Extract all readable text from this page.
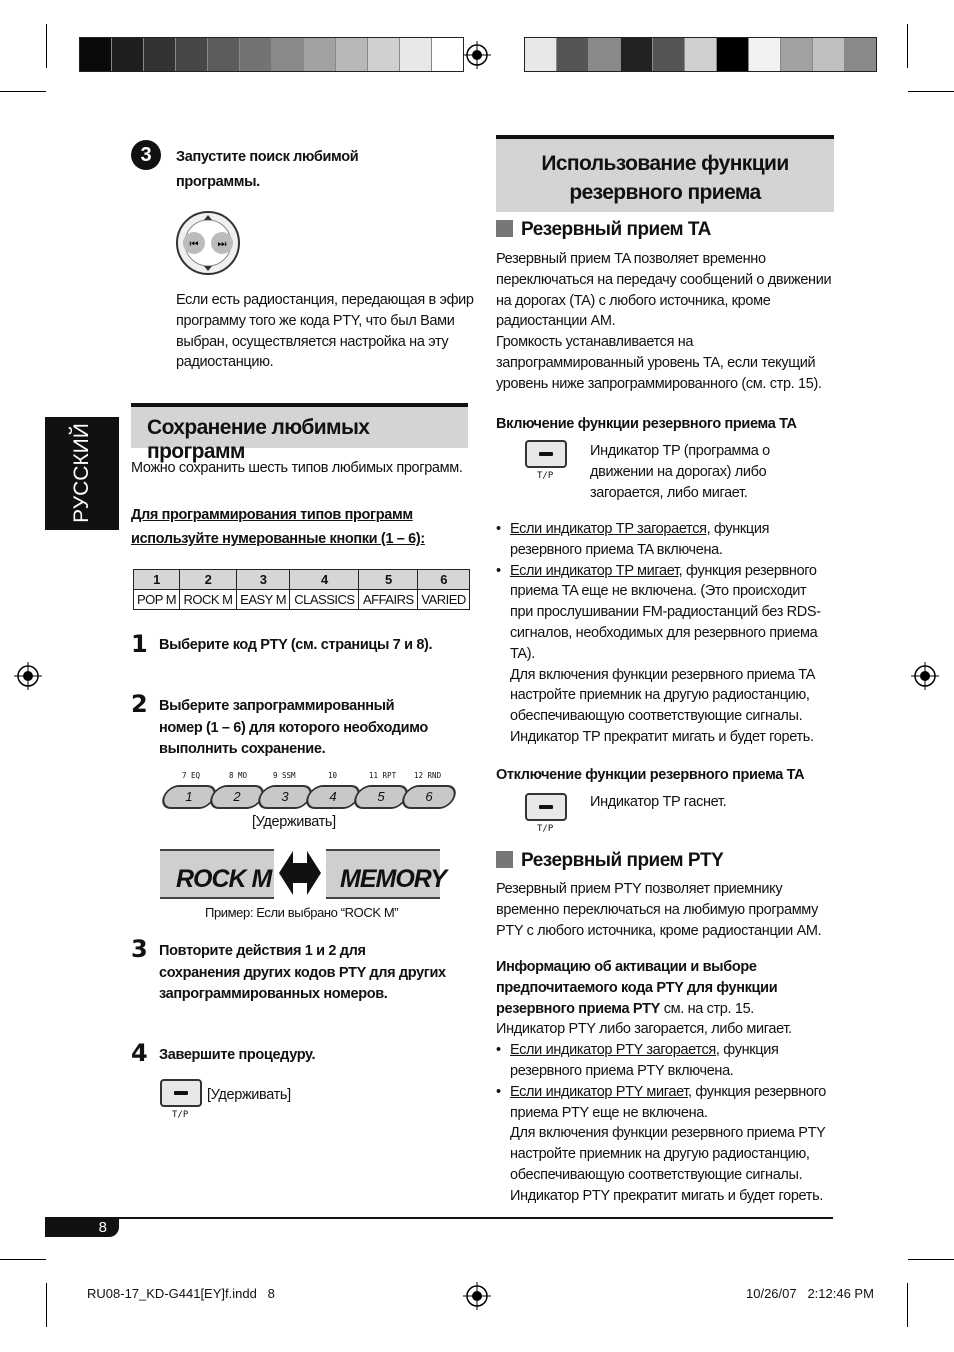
РУССКИЙ
3	Запустите поиск любимой
программы.
⏮ ⏭
Если есть радиостанция, передающая в эфир
программу того же кода PTY, что был Вами
выбран, осуществляется настройка на эту
радиостанцию.
Сохранение любимых программ
Можно сохранить шесть типов любимых программ.
Для программирования типов программ
используйте нумерованные кнопки (1 – 6):
1	2	3	4	5	6
POP M	ROCK M	EASY M	CLASSICS	AFFAIRS	VARIED
1 Выберите код PTY (см. страницы 7 и 8).
2 Выберите запрограммированный
номер (1 – 6) для которого необходимо
выполнить сохранение.
7 EQ	8 MO	9 SSM	10	11 RPT 12 RND
1	2	3	4	5	6
[Удерживать]
ROCK M	MEMORY
Пример: Если выбрано “ROCK M”
3 Повторите действия 1 и 2 для
сохранения других кодов PTY для других
запрограммированных номеров.
4 Завершите процедуру.
T/P
[Удерживать]
Использование функции
резервного приема
Резервный прием TA
Резервный прием TA позволяет временно
переключаться на передачу сообщений о движении
на дорогах (TA) с любого источника, кроме
радиостанции AM.
Громкость устанавливается на
запрограммированный уровень TA, если текущий
уровень ниже запрограммированного (см. стр. 15).
Включение функции резервного приема TA
T/P
Индикатор TP (программа о
движении на дорогах) либо
загорается, либо мигает.
• Если индикатор TP загорается, функция
резервного приема TA включена.
• Если индикатор TP мигает, функция резервного
приема TA еще не включена. (Это происходит
при прослушивании FM-радиостанций без RDS-
сигналов, необходимых для резервного приема
TA).
Для включения функции резервного приема TA
настройте приемник на другую радиостанцию,
обеспечивающую соответствующие сигналы.
Индикатор TP прекратит мигать и будет гореть.
Отключение функции резервного приема TA
T/P
Индикатор TP гаснет.
Резервный прием PTY
Резервный прием PTY позволяет приемнику
временно переключаться на любимую программу
PTY с любого источника, кроме радиостанции AM.
Информацию об активации и выборе
предпочитаемого кода PTY для функции
резервного приема PTY см. на стр. 15.
Индикатор PTY либо загорается, либо мигает.
• Если индикатор PTY загорается, функция
резервного приема PTY включена.
• Если индикатор PTY мигает, функция резервного
приема PTY еще не включена.
Для включения функции резервного приема PTY
настройте приемник на другую радиостанцию,
обеспечивающую соответствующие сигналы.
Индикатор PTY прекратит мигать и будет гореть.
8
RU08-17_KD-G441[EY]f.indd   8	10/26/07   2:12:46 PM
